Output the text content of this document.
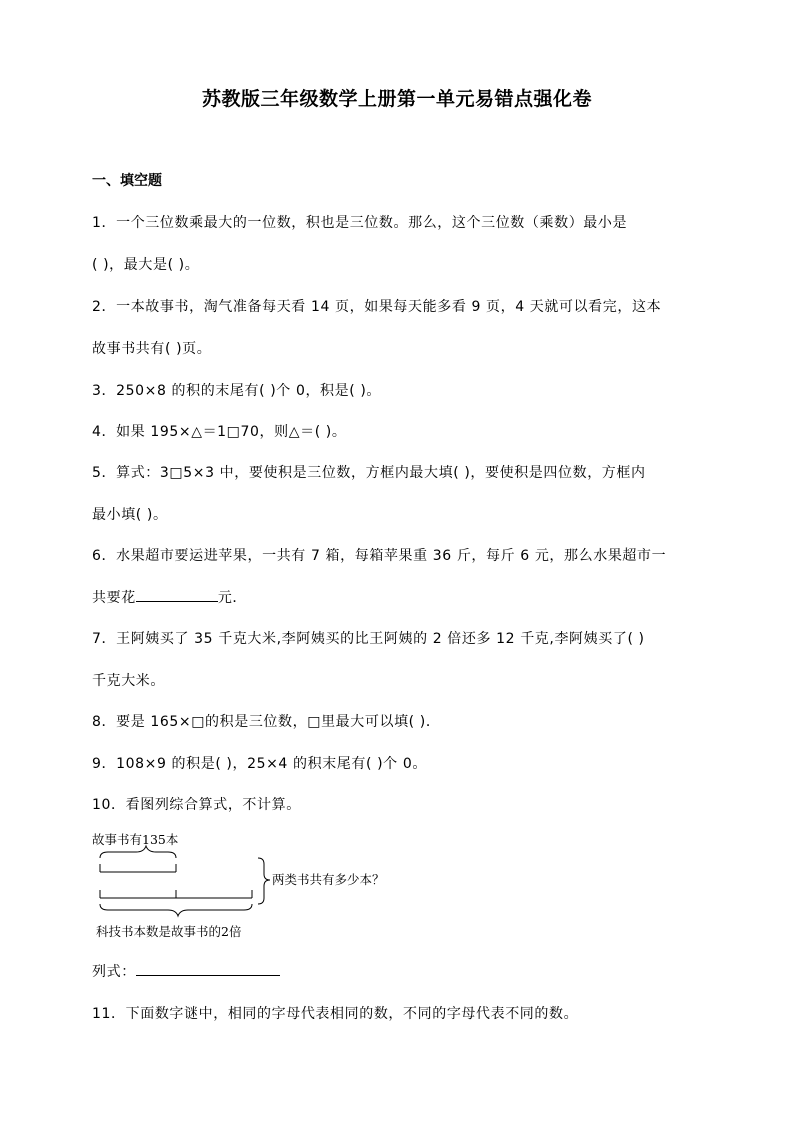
苏教版三年级数学上册第一单元易错点强化卷
一、填空题
1．一个三位数乘最大的一位数，积也是三位数。那么，这个三位数（乘数）最小是
( )，最大是( )。
2．一本故事书，淘气准备每天看 14 页，如果每天能多看 9 页，4 天就可以看完，这本
故事书共有( )页。
3．250×8 的积的末尾有( )个 0，积是( )。
4．如果 195×△＝1□70，则△＝( )。
5．算式：3□5×3 中，要使积是三位数，方框内最大填( )，要使积是四位数，方框内
最小填( )。
6．水果超市要运进苹果，一共有 7 箱，每箱苹果重 36 斤，每斤 6 元，那么水果超市一
共要花	元．
7．王阿姨买了 35 千克大米,李阿姨买的比王阿姨的 2 倍还多 12 千克,李阿姨买了( )
千克大米。
8．要是 165×□的积是三位数，□里最大可以填( )．
9．108×9 的积是( )，25×4 的积末尾有( )个 0。
10．看图列综合算式，不计算。
故事书有135本
科技书本数是故事书的2倍
两类书共有多少本？
列式：
11．下面数字谜中，相同的字母代表相同的数，不同的字母代表不同的数。
